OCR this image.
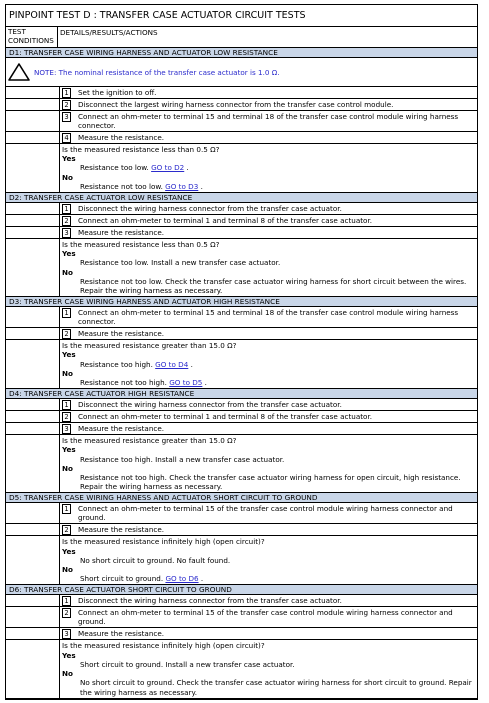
PINPOINT TEST D : TRANSFER CASE ACTUATOR CIRCUIT TESTS
TEST CONDITIONS
DETAILS/RESULTS/ACTIONS
D1: TRANSFER CASE WIRING HARNESS AND ACTUATOR LOW RESISTANCE
NOTE: The nominal resistance of the transfer case actuator is 1.0 Ω.
1	Set the ignition to off.
2	Disconnect the largest wiring harness connector from the transfer case control module.
3	Connect an ohm-meter to terminal 15 and terminal 18 of the transfer case control module wiring harness connector.
4	Measure the resistance.
Is the measured resistance less than 0.5 Ω?
Yes
Resistance too low. GO to D2 .
No
Resistance not too low. GO to D3 .
D2: TRANSFER CASE ACTUATOR LOW RESISTANCE
1	Disconnect the wiring harness connector from the transfer case actuator.
2	Connect an ohm-meter to terminal 1 and terminal 8 of the transfer case actuator.
3	Measure the resistance.
Is the measured resistance less than 0.5 Ω?
Yes
Resistance too low. Install a new transfer case actuator.
No
Resistance not too low. Check the transfer case actuator wiring harness for short circuit between the wires. Repair the wiring harness as necessary.
D3: TRANSFER CASE WIRING HARNESS AND ACTUATOR HIGH RESISTANCE
1	Connect an ohm-meter to terminal 15 and terminal 18 of the transfer case control module wiring harness connector.
2	Measure the resistance.
Is the measured resistance greater than 15.0 Ω?
Yes
Resistance too high. GO to D4 .
No
Resistance not too high. GO to D5 .
D4: TRANSFER CASE ACTUATOR HIGH RESISTANCE
1	Disconnect the wiring harness connector from the transfer case actuator.
2	Connect an ohm-meter to terminal 1 and terminal 8 of the transfer case actuator.
3	Measure the resistance.
Is the measured resistance greater than 15.0 Ω?
Yes
Resistance too high. Install a new transfer case actuator.
No
Resistance not too high. Check the transfer case actuator wiring harness for open circuit, high resistance. Repair the wiring harness as necessary.
D5: TRANSFER CASE WIRING HARNESS AND ACTUATOR SHORT CIRCUIT TO GROUND
1	Connect an ohm-meter to terminal 15 of the transfer case control module wiring harness connector and ground.
2	Measure the resistance.
Is the measured resistance infinitely high (open circuit)?
Yes
No short circuit to ground. No fault found.
No
Short circuit to ground. GO to D6 .
D6: TRANSFER CASE ACTUATOR SHORT CIRCUIT TO GROUND
1	Disconnect the wiring harness connector from the transfer case actuator.
2	Connect an ohm-meter to terminal 15 of the transfer case control module wiring harness connector and ground.
3	Measure the resistance.
Is the measured resistance infinitely high (open circuit)?
Yes
Short circuit to ground. Install a new transfer case actuator.
No
No short circuit to ground. Check the transfer case actuator wiring harness for short circuit to ground. Repair the wiring harness as necessary.
